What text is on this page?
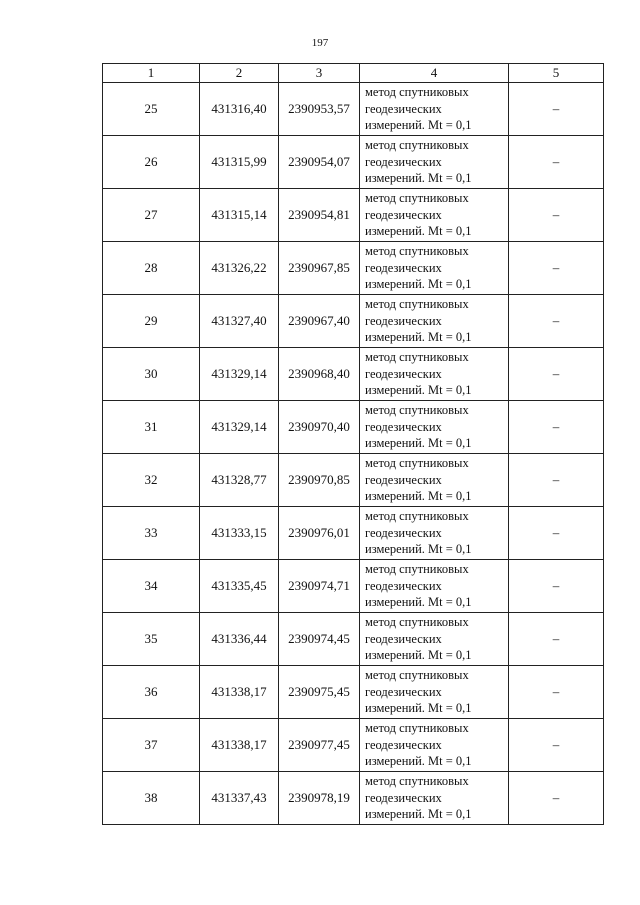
197
1	2	3	4	5
25	431316,40	2390953,57	метод спутниковых
геодезических
измерений. Mt = 0,1	–
26	431315,99	2390954,07	метод спутниковых
геодезических
измерений. Mt = 0,1	–
27	431315,14	2390954,81	метод спутниковых
геодезических
измерений. Mt = 0,1	–
28	431326,22	2390967,85	метод спутниковых
геодезических
измерений. Mt = 0,1	–
29	431327,40	2390967,40	метод спутниковых
геодезических
измерений. Mt = 0,1	–
30	431329,14	2390968,40	метод спутниковых
геодезических
измерений. Mt = 0,1	–
31	431329,14	2390970,40	метод спутниковых
геодезических
измерений. Mt = 0,1	–
32	431328,77	2390970,85	метод спутниковых
геодезических
измерений. Mt = 0,1	–
33	431333,15	2390976,01	метод спутниковых
геодезических
измерений. Mt = 0,1	–
34	431335,45	2390974,71	метод спутниковых
геодезических
измерений. Mt = 0,1	–
35	431336,44	2390974,45	метод спутниковых
геодезических
измерений. Mt = 0,1	–
36	431338,17	2390975,45	метод спутниковых
геодезических
измерений. Mt = 0,1	–
37	431338,17	2390977,45	метод спутниковых
геодезических
измерений. Mt = 0,1	–
38	431337,43	2390978,19	метод спутниковых
геодезических
измерений. Mt = 0,1	–
